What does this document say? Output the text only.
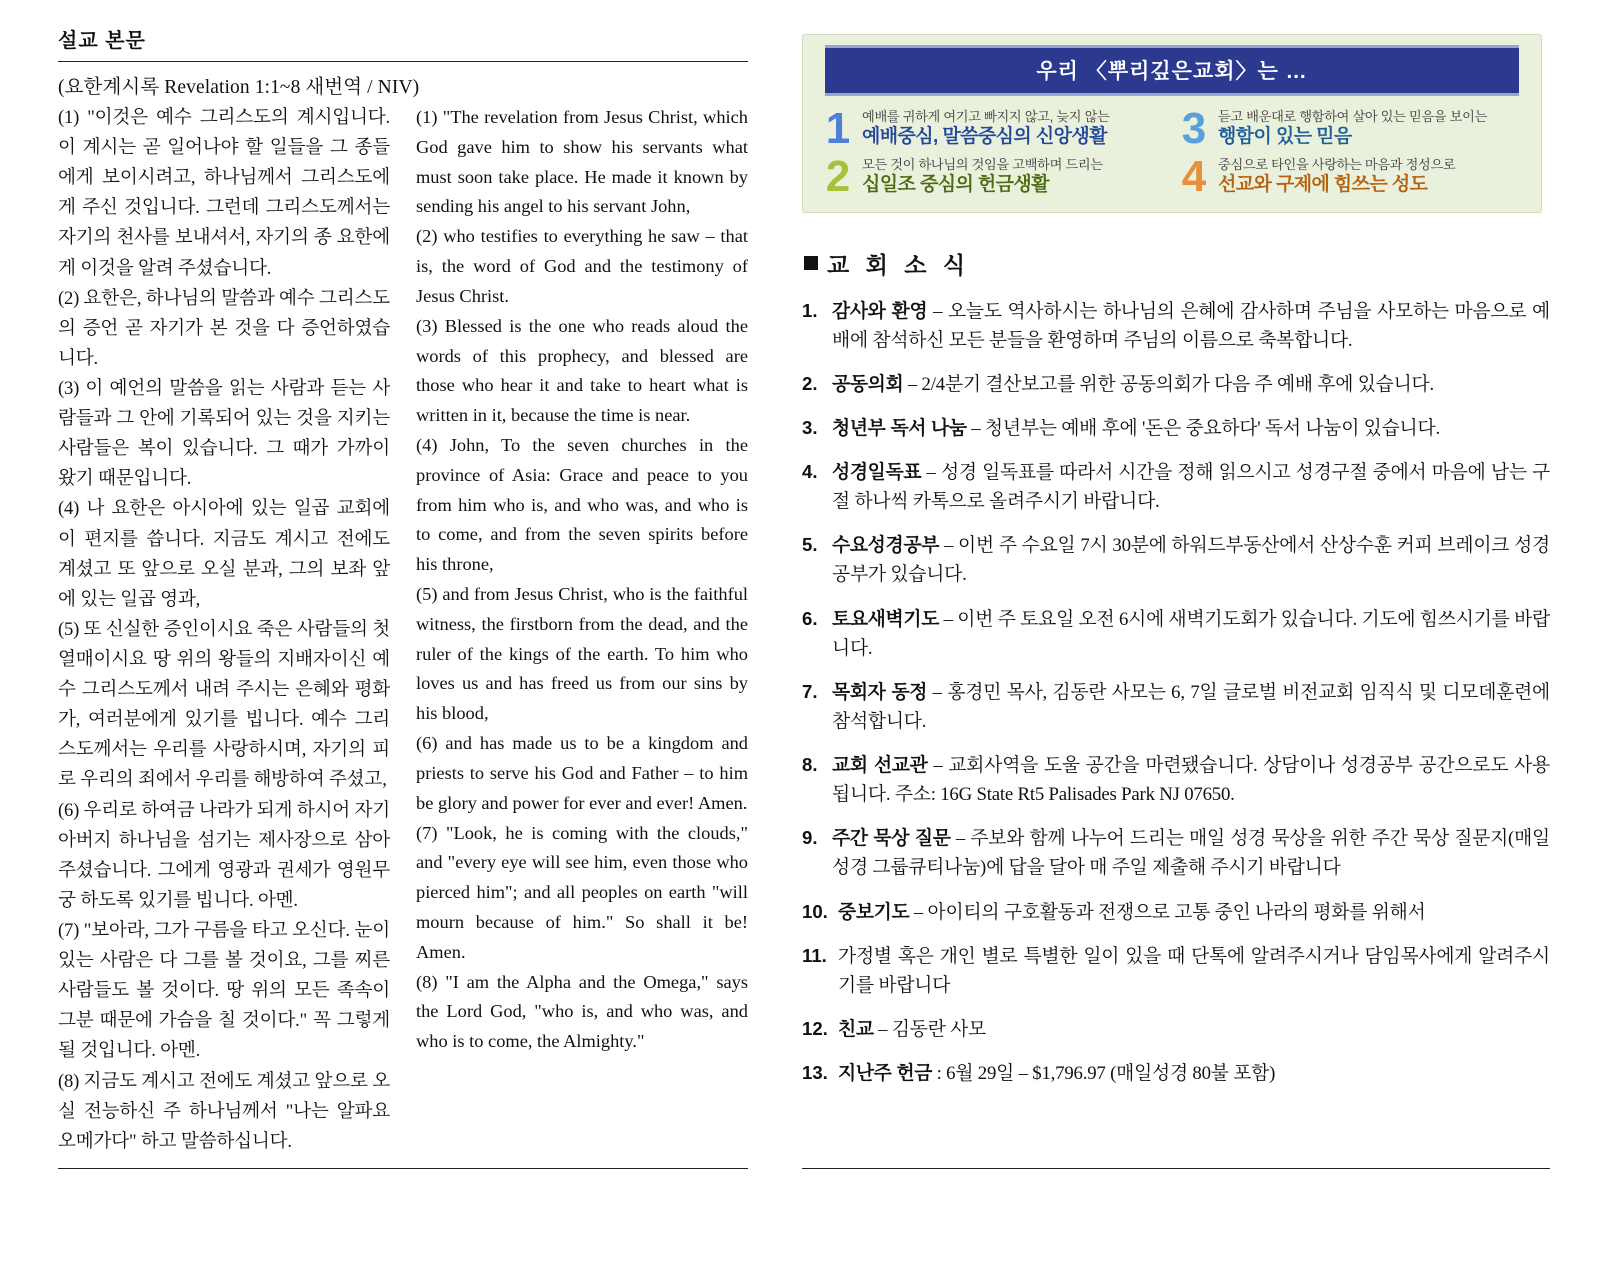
설교 본문
(요한계시록 Revelation 1:1~8 새번역 / NIV)

(1) "이것은 예수 그리스도의 계시입니다. 이 계시는 곧 일어나야 할 일들을 그 종들에게 보이시려고, 하나님께서 그리스도에게 주신 것입니다. 그런데 그리스도께서는 자기의 천사를 보내셔서, 자기의 종 요한에게 이것을 알려 주셨습니다.
(2) 요한은, 하나님의 말씀과 예수 그리스도의 증언 곧 자기가 본 것을 다 증언하였습니다.
(3) 이 예언의 말씀을 읽는 사람과 듣는 사람들과 그 안에 기록되어 있는 것을 지키는 사람들은 복이 있습니다. 그 때가 가까이 왔기 때문입니다.
(4) 나 요한은 아시아에 있는 일곱 교회에 이 편지를 씁니다. 지금도 계시고 전에도 계셨고 또 앞으로 오실 분과, 그의 보좌 앞에 있는 일곱 영과,
(5) 또 신실한 증인이시요 죽은 사람들의 첫 열매이시요 땅 위의 왕들의 지배자이신 예수 그리스도께서 내려 주시는 은혜와 평화가, 여러분에게 있기를 빕니다. 예수 그리스도께서는 우리를 사랑하시며, 자기의 피로 우리의 죄에서 우리를 해방하여 주셨고,
(6) 우리로 하여금 나라가 되게 하시어 자기 아버지 하나님을 섬기는 제사장으로 삼아 주셨습니다. 그에게 영광과 권세가 영원무궁 하도록 있기를 빕니다. 아멘.
(7) "보아라, 그가 구름을 타고 오신다. 눈이 있는 사람은 다 그를 볼 것이요, 그를 찌른 사람들도 볼 것이다. 땅 위의 모든 족속이 그분 때문에 가슴을 칠 것이다." 꼭 그렇게 될 것입니다. 아멘.
(8) 지금도 계시고 전에도 계셨고 앞으로 오실 전능하신 주 하나님께서 "나는 알파요 오메가다" 하고 말씀하십니다.

(1) "The revelation from Jesus Christ, which God gave him to show his servants what must soon take place. He made it known by sending his angel to his servant John,
(2) who testifies to everything he saw – that is, the word of God and the testimony of Jesus Christ.
(3) Blessed is the one who reads aloud the words of this prophecy, and blessed are those who hear it and take to heart what is written in it, because the time is near.
(4) John, To the seven churches in the province of Asia: Grace and peace to you from him who is, and who was, and who is to come, and from the seven spirits before his throne,
(5) and from Jesus Christ, who is the faithful witness, the firstborn from the dead, and the ruler of the kings of the earth. To him who loves us and has freed us from our sins by his blood,
(6) and has made us to be a kingdom and priests to serve his God and Father – to him be glory and power for ever and ever! Amen.
(7) "Look, he is coming with the clouds," and "every eye will see him, even those who pierced him"; and all peoples on earth "will mourn because of him." So shall it be! Amen.
(8) "I am the Alpha and the Omega," says the Lord God, "who is, and who was, and who is to come, the Almighty."

우리 〈뿌리깊은교회〉는 …
1 예배를 귀하게 여기고 빠지지 않고, 늦지 않는
예배중심, 말씀중심의 신앙생활 3 듣고 배운대로 행함하여 살아 있는 믿음을 보이는
행함이 있는 믿음
2 모든 것이 하나님의 것임을 고백하며 드리는
십일조 중심의 헌금생활	4 중심으로 타인을 사랑하는 마음과 정성으로
선교와 구제에 힘쓰는 성도
교 회 소 식
1. 감사와 환영 – 오늘도 역사하시는 하나님의 은혜에 감사하며 주님을 사모하는 마음으로 예배에 참석하신 모든 분들을 환영하며 주님의 이름으로 축복합니다.
2. 공동의회 – 2/4분기 결산보고를 위한 공동의회가 다음 주 예배 후에 있습니다.
3. 청년부 독서 나눔 – 청년부는 예배 후에 '돈은 중요하다' 독서 나눔이 있습니다.
4. 성경일독표 – 성경 일독표를 따라서 시간을 정해 읽으시고 성경구절 중에서 마음에 남는 구절 하나씩 카톡으로 올려주시기 바랍니다.
5. 수요성경공부 – 이번 주 수요일 7시 30분에 하워드부동산에서 산상수훈 커피 브레이크 성경공부가 있습니다.
6. 토요새벽기도 – 이번 주 토요일 오전 6시에 새벽기도회가 있습니다. 기도에 힘쓰시기를 바랍니다.
7. 목회자 동정 – 홍경민 목사, 김동란 사모는 6, 7일 글로벌 비전교회 임직식 및 디모데훈련에 참석합니다.
8. 교회 선교관 – 교회사역을 도울 공간을 마련됐습니다. 상담이나 성경공부 공간으로도 사용됩니다. 주소: 16G State Rt5 Palisades Park NJ 07650.
9. 주간 묵상 질문 – 주보와 함께 나누어 드리는 매일 성경 묵상을 위한 주간 묵상 질문지(매일성경 그룹큐티나눔)에 답을 달아 매 주일 제출해 주시기 바랍니다
10. 중보기도 – 아이티의 구호활동과 전쟁으로 고통 중인 나라의 평화를 위해서
11. 가정별 혹은 개인 별로 특별한 일이 있을 때 단톡에 알려주시거나 담임목사에게 알려주시기를 바랍니다
12. 친교 – 김동란 사모
13. 지난주 헌금 : 6월 29일 – $1,796.97 (매일성경 80불 포함)
